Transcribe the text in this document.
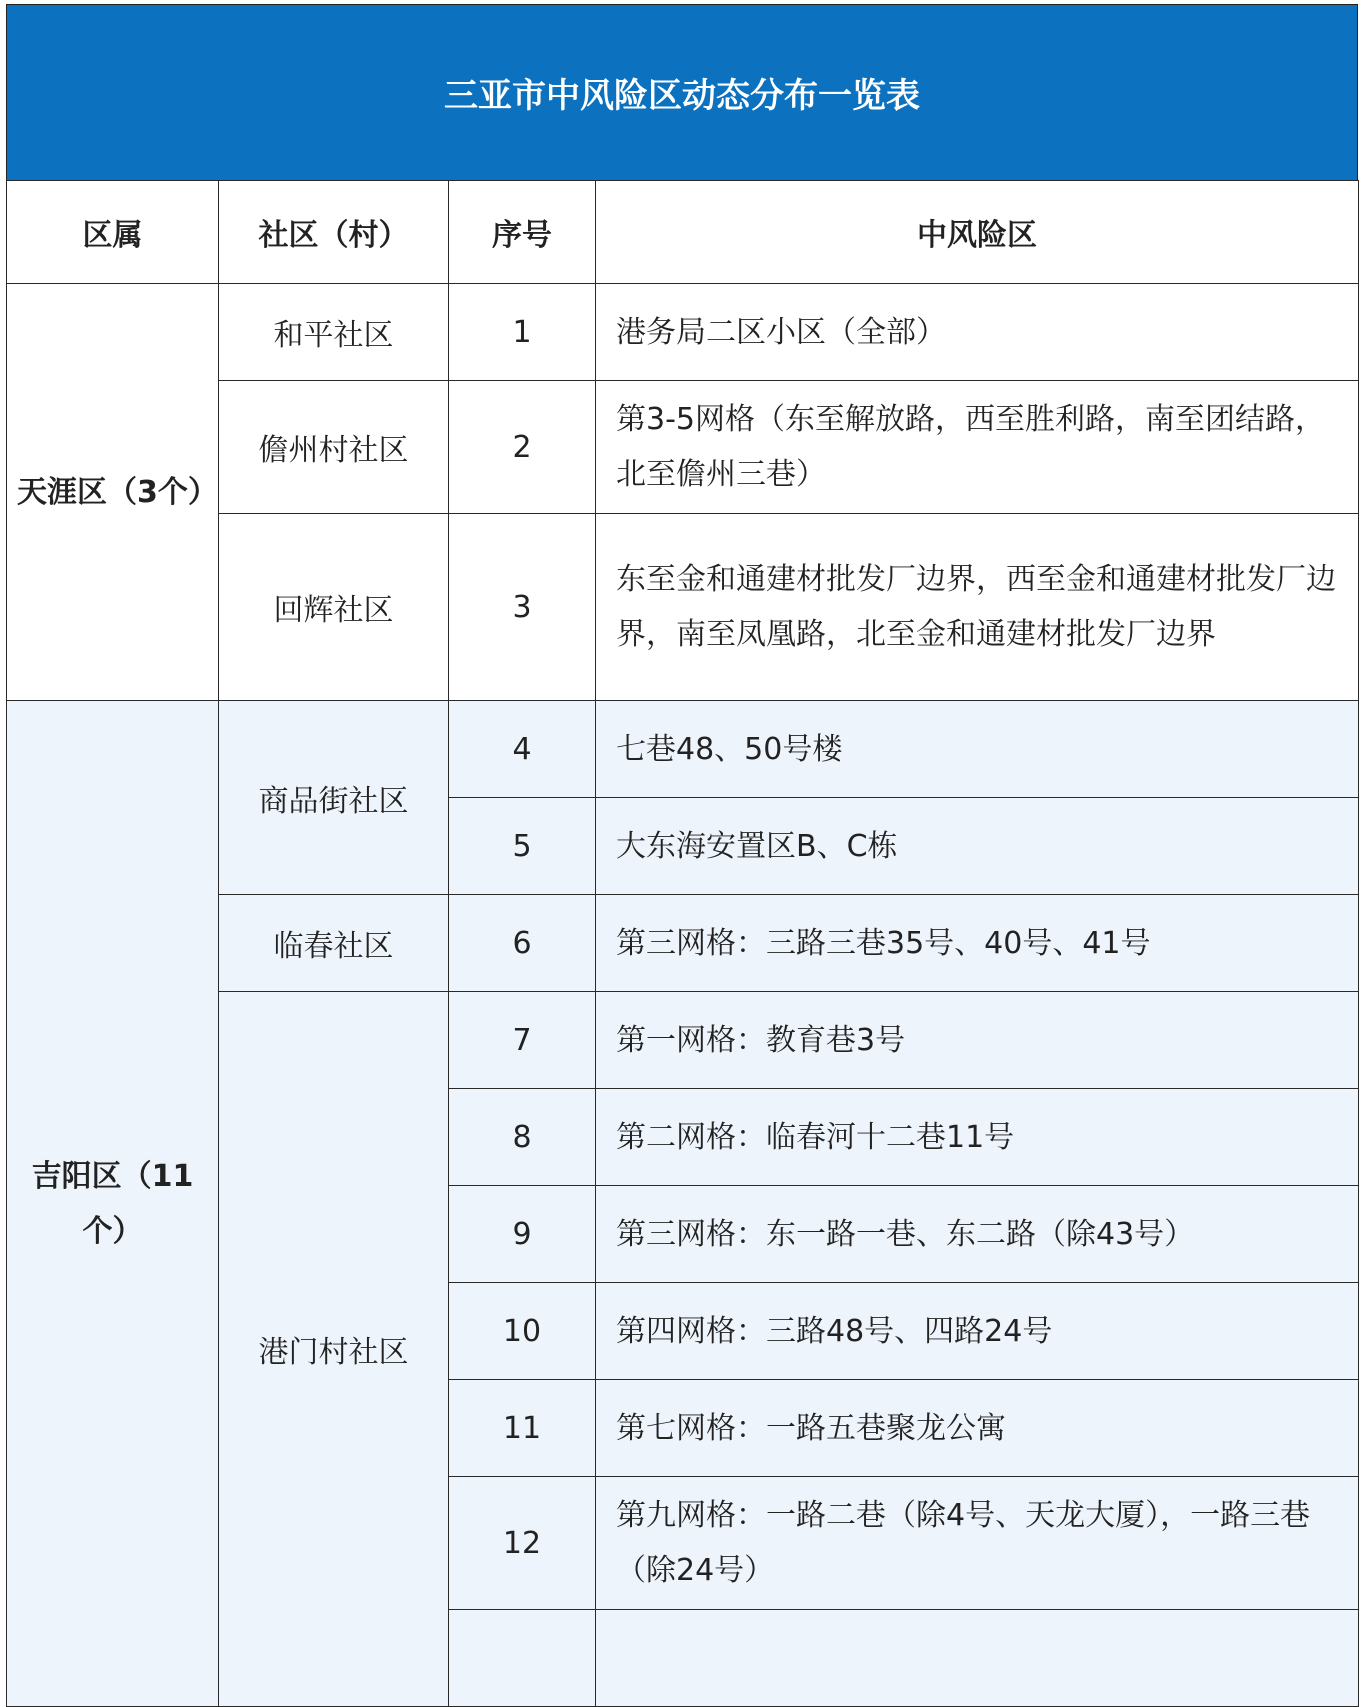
三亚市中风险区动态分布一览表
区属	社区（村）	序号	中风险区
天涯区（3个）	和平社区	1	港务局二区小区（全部）
	儋州村社区	2	第3-5网格（东至解放路，西至胜利路，南至团结路，北至儋州三巷）
	回辉社区	3	东至金和通建材批发厂边界，西至金和通建材批发厂边界，南至凤凰路，北至金和通建材批发厂边界
吉阳区（11个）	商品街社区	4	七巷48、50号楼
		5	大东海安置区B、C栋
	临春社区	6	第三网格：三路三巷35号、40号、41号
	港门村社区	7	第一网格：教育巷3号
		8	第二网格：临春河十二巷11号
		9	第三网格：东一路一巷、东二路（除43号）
		10	第四网格：三路48号、四路24号
		11	第七网格：一路五巷聚龙公寓
		12	第九网格：一路二巷（除4号、天龙大厦），一路三巷（除24号）
